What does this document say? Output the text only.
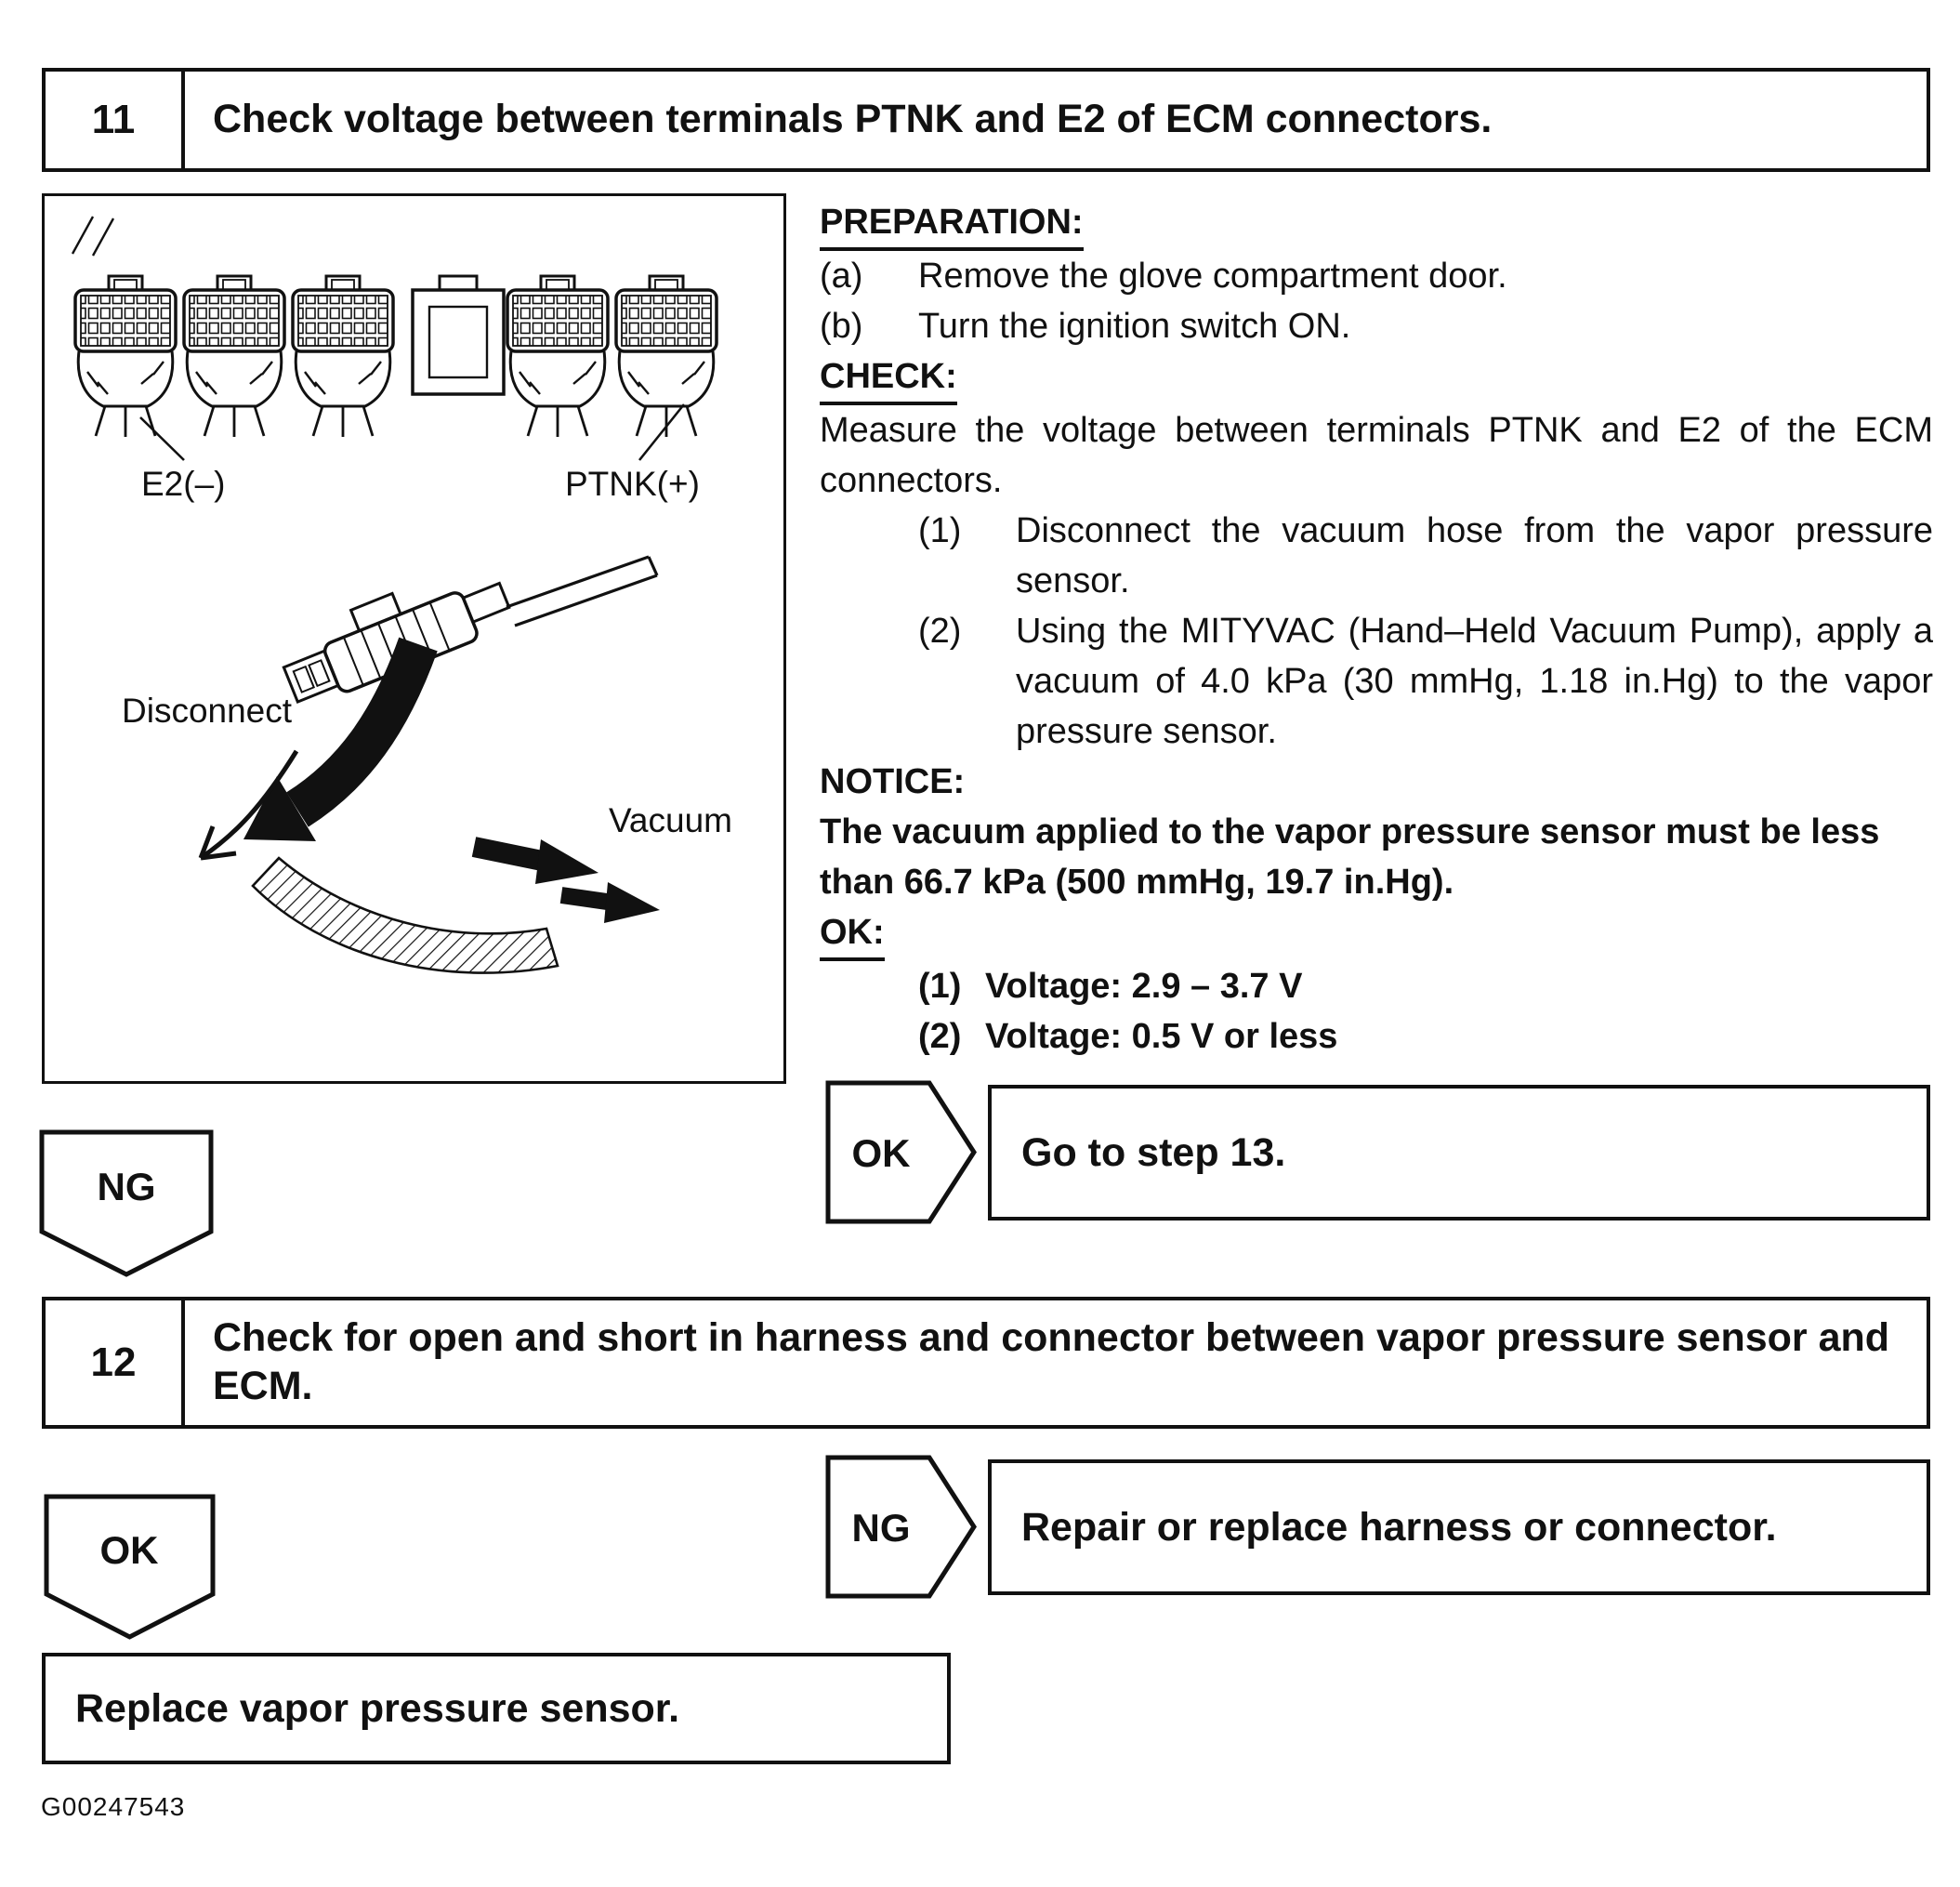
11	Check voltage between terminals PTNK and E2 of ECM connectors.
E2(–)	PTNK(+)
Disconnect
Vacuum
PREPARATION:
(a)	Remove the glove compartment door.
(b)	Turn the ignition switch ON.
CHECK:
Measure the voltage between terminals PTNK and E2 of the ECM connectors.
(1)	Disconnect the vacuum hose from the vapor pressure sensor.
(2)	Using the MITYVAC (Hand–Held Vacuum Pump), apply a vacuum of 4.0 kPa (30 mmHg, 1.18 in.Hg) to the vapor pressure sensor.
NOTICE:
The vacuum applied to the vapor pressure sensor must be less than 66.7 kPa (500 mmHg, 19.7 in.Hg).
OK:
(1) Voltage: 2.9 – 3.7 V
(2) Voltage: 0.5 V or less
OK	Go to step 13.
NG
12
Check for open and short in harness and connector between vapor pressure sensor and ECM.
NG	Repair or replace harness or connector.
OK
Replace vapor pressure sensor.
G00247543
